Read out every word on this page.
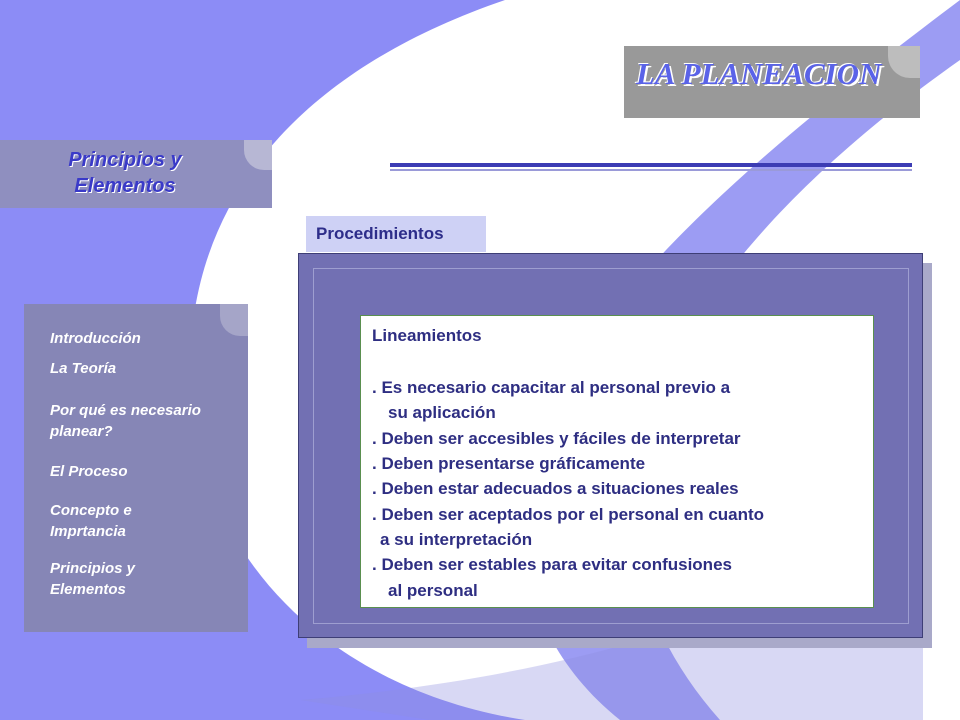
LA PLANEACION
Principios y
Elementos
Introducción
La Teoría
Por qué es necesario
planear?
El Proceso
Concepto e
Imprtancia
Principios y
Elementos
Procedimientos
Lineamientos
. Es necesario capacitar al personal previo a
su aplicación
. Deben ser accesibles y fáciles de interpretar
. Deben presentarse gráficamente
. Deben estar adecuados a situaciones reales
. Deben ser aceptados por el personal en cuanto
a su interpretación
. Deben ser estables para evitar confusiones
al personal
